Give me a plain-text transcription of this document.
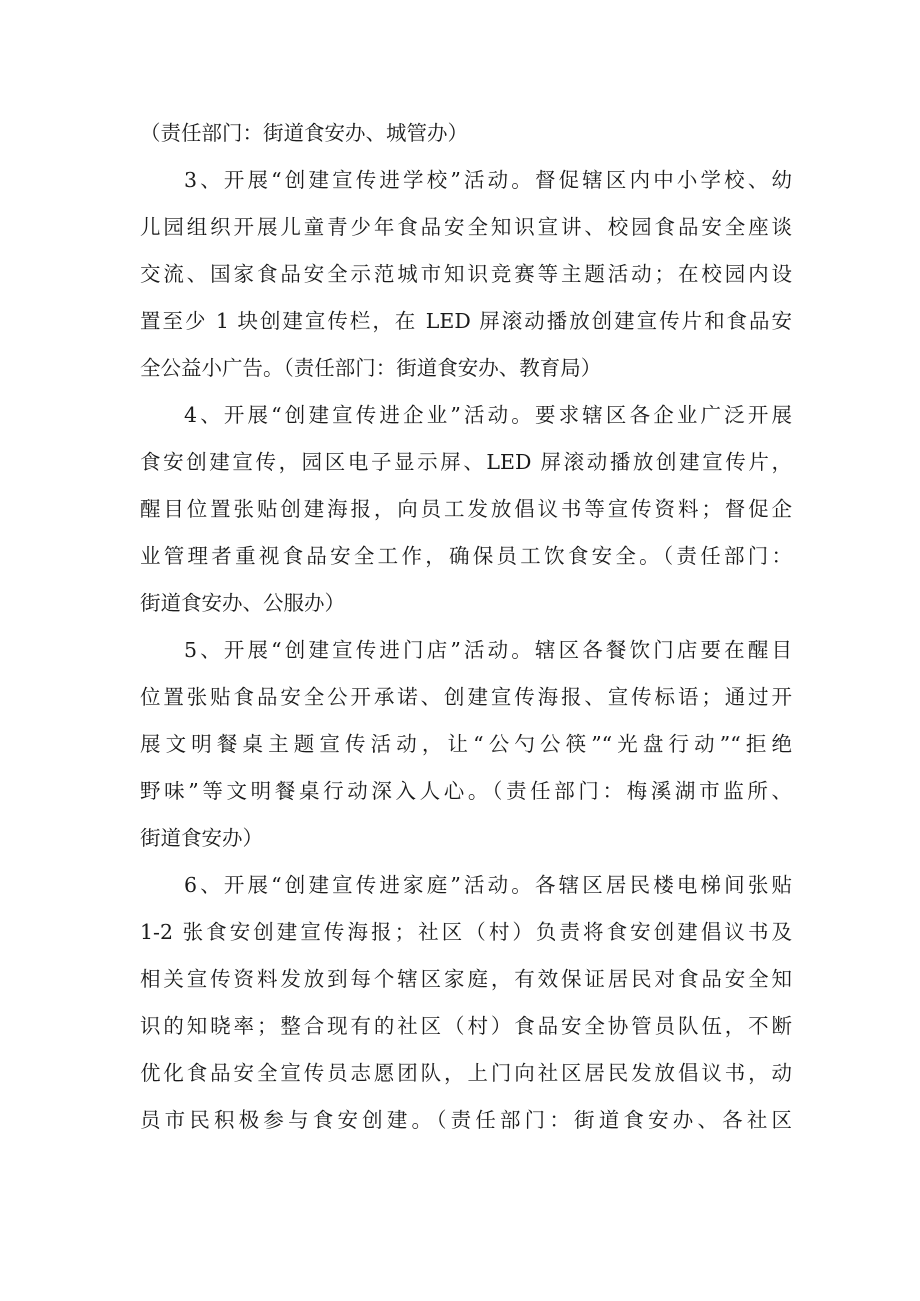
（责任部门：街道食安办、城管办）
3、开展“创建宣传进学校”活动。督促辖区内中小学校、幼
儿园组织开展儿童青少年食品安全知识宣讲、校园食品安全座谈
交流、国家食品安全示范城市知识竞赛等主题活动；在校园内设
置至少 1 块创建宣传栏，在 LED 屏滚动播放创建宣传片和食品安
全公益小广告。（责任部门：街道食安办、教育局）
4、开展“创建宣传进企业”活动。要求辖区各企业广泛开展
食安创建宣传，园区电子显示屏、LED 屏滚动播放创建宣传片，
醒目位置张贴创建海报，向员工发放倡议书等宣传资料；督促企
业管理者重视食品安全工作，确保员工饮食安全。（责任部门：
街道食安办、公服办）
5、开展“创建宣传进门店”活动。辖区各餐饮门店要在醒目
位置张贴食品安全公开承诺、创建宣传海报、宣传标语；通过开
展文明餐桌主题宣传活动，让“公勺公筷”“光盘行动”“拒绝
野味”等文明餐桌行动深入人心。（责任部门：梅溪湖市监所、
街道食安办）
6、开展“创建宣传进家庭”活动。各辖区居民楼电梯间张贴
1-2 张食安创建宣传海报；社区（村）负责将食安创建倡议书及
相关宣传资料发放到每个辖区家庭，有效保证居民对食品安全知
识的知晓率；整合现有的社区（村）食品安全协管员队伍，不断
优化食品安全宣传员志愿团队，上门向社区居民发放倡议书，动
员市民积极参与食安创建。（责任部门：街道食安办、各社区
